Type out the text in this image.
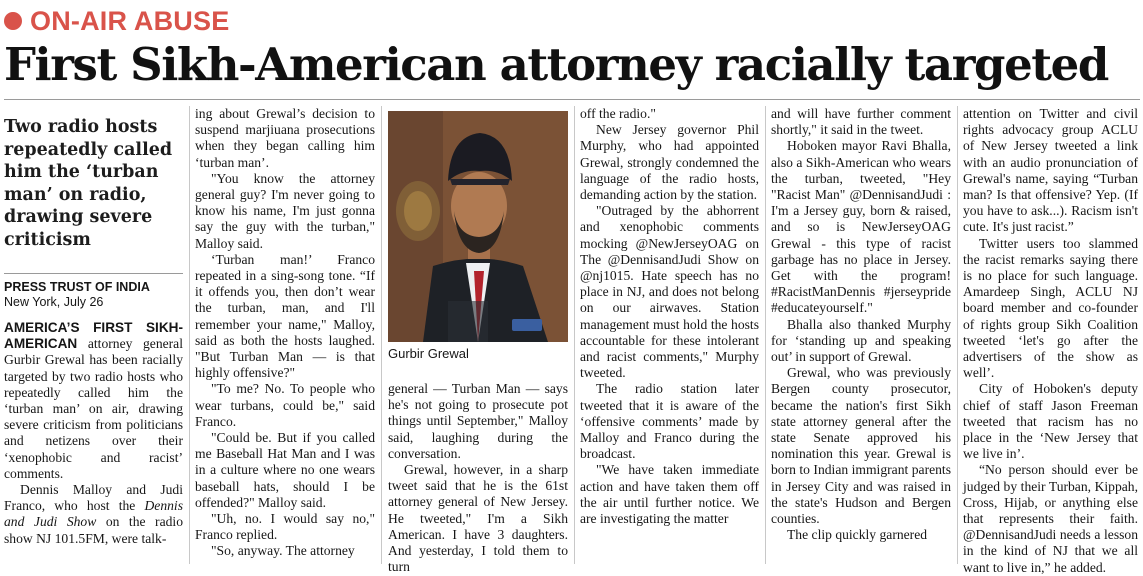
ON-AIR ABUSE
First Sikh-American attorney racially targeted
Two radio hosts repeatedly called him the ‘turban man’ on radio, drawing severe criticism
PRESS TRUST OF INDIA
New York, July 26

AMERICA’S FIRST SIKH-AMERICAN attorney general Gurbir Grewal has been racially targeted by two radio hosts who repeatedly called him the ‘turban man’ on air, drawing severe criticism from politicians and netizens over their ‘xenophobic and racist’ comments.

Dennis Malloy and Judi Franco, who host the Dennis and Judi Show on the radio show NJ 101.5FM, were talk-

ing about Grewal’s decision to suspend marjiuana prosecutions when they began calling him ‘turban man’.

"You know the attorney general guy? I'm never going to know his name, I'm just gonna say the guy with the turban," Malloy said.

‘Turban man!’ Franco repeated in a sing-song tone. “If it offends you, then don’t wear the turban, man, and I'll remember your name," Malloy, said as both the hosts laughed. "But Turban Man — is that highly offensive?"

"To me? No. To people who wear turbans, could be," said Franco.

"Could be. But if you called me Baseball Hat Man and I was in a culture where no one wears baseball hats, should I be offended?" Malloy said.

"Uh, no. I would say no," Franco replied.

"So, anyway. The attorney

Gurbir Grewal

general — Turban Man — says he's not going to prosecute pot things until September," Malloy said, laughing during the conversation.

Grewal, however, in a sharp tweet said that he is the 61st attorney general of New Jersey. He tweeted," I'm a Sikh American. I have 3 daughters. And yesterday, I told them to turn

off the radio."

New Jersey governor Phil Murphy, who had appointed Grewal, strongly condemned the language of the radio hosts, demanding action by the station.

"Outraged by the abhorrent and xenophobic comments mocking @NewJerseyOAG on The @DennisandJudi Show on @nj1015. Hate speech has no place in NJ, and does not belong on our airwaves. Station management must hold the hosts accountable for these intolerant and racist comments," Murphy tweeted.

The radio station later tweeted that it is aware of the ‘offensive comments’ made by Malloy and Franco during the broadcast.

"We have taken immediate action and have taken them off the air until further notice. We are investigating the matter

and will have further comment shortly," it said in the tweet.

Hoboken mayor Ravi Bhalla, also a Sikh-American who wears the turban, tweeted, "Hey "Racist Man" @DennisandJudi : I'm a Jersey guy, born & raised, and so is NewJerseyOAG Grewal - this type of racist garbage has no place in Jersey. Get with the program! #RacistManDennis #jerseypride #educateyourself."

Bhalla also thanked Murphy for ‘standing up and speaking out’ in support of Grewal.

Grewal, who was previously Bergen county prosecutor, became the nation's first Sikh state attorney general after the state Senate approved his nomination this year. Grewal is born to Indian immigrant parents in Jersey City and was raised in the state's Hudson and Bergen counties.

The clip quickly garnered

attention on Twitter and civil rights advocacy group ACLU of New Jersey tweeted a link with an audio pronunciation of Grewal's name, saying “Turban man? Is that offensive? Yep. (If you have to ask...). Racism isn't cute. It's just racist.”

Twitter users too slammed the racist remarks saying there is no place for such language. Amardeep Singh, ACLU NJ board member and co-founder of rights group Sikh Coalition tweeted ‘let's go after the advertisers of the show as well’.

City of Hoboken's deputy chief of staff Jason Freeman tweeted that racism has no place in the ‘New Jersey that we live in’.

“No person should ever be judged by their Turban, Kippah, Cross, Hijab, or anything else that represents their faith. @DennisandJudi needs a lesson in the kind of NJ that we all want to live in,” he added.
